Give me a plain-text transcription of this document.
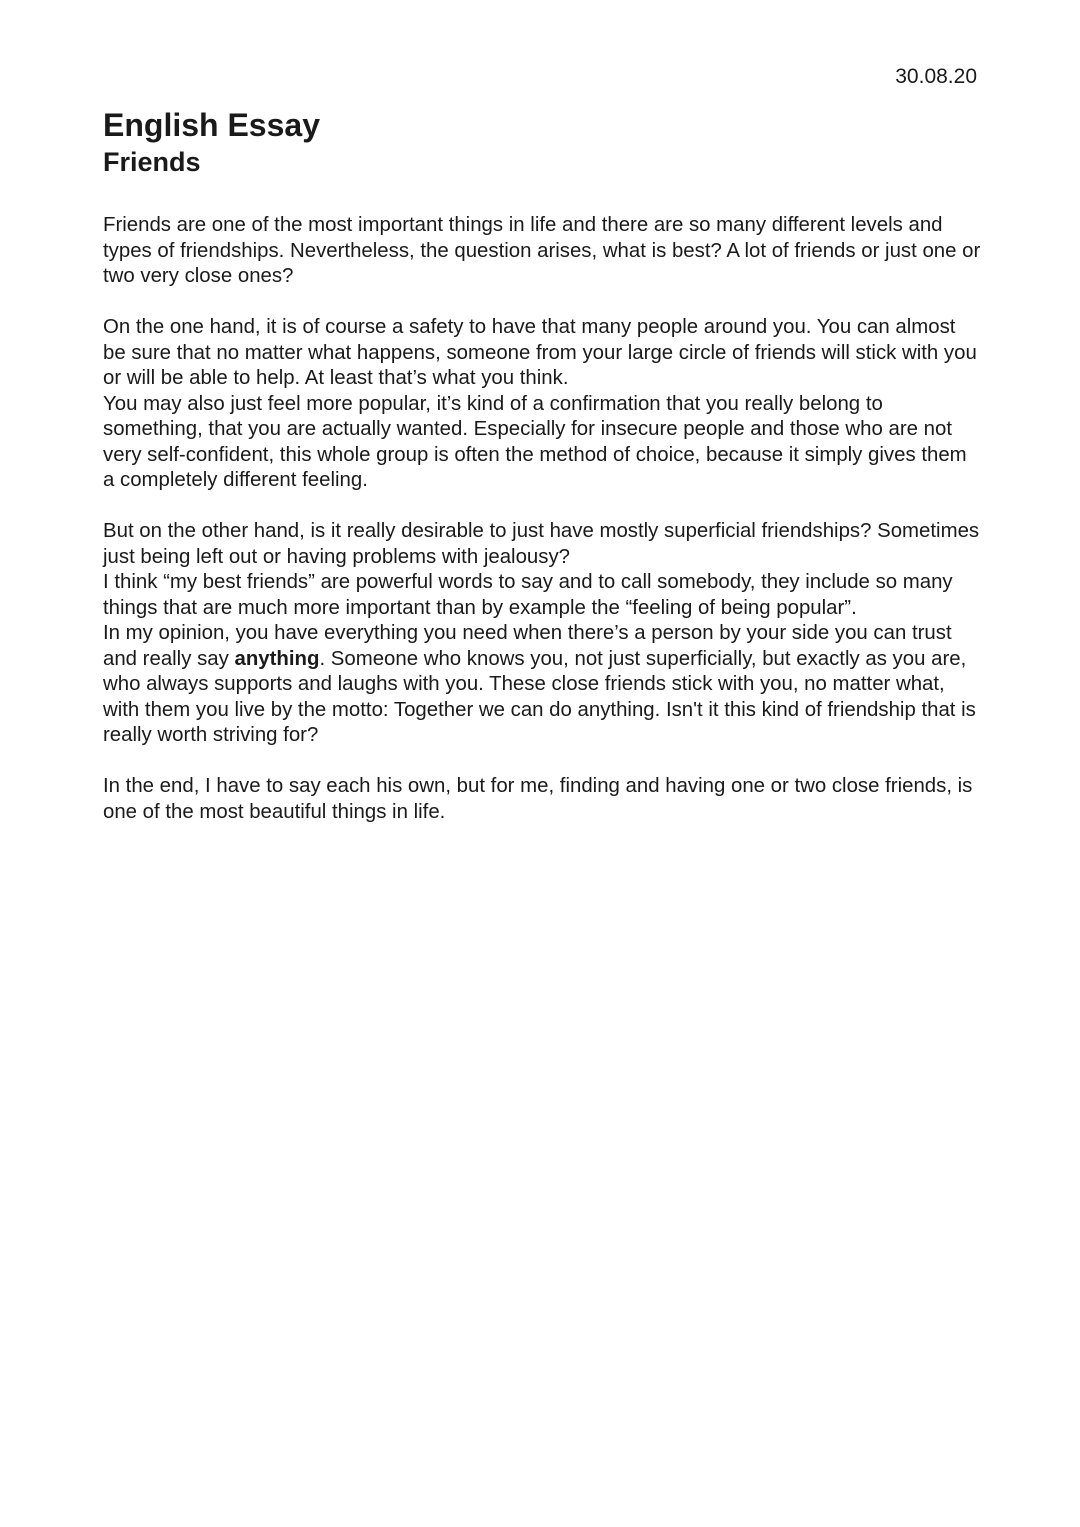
30.08.20
English Essay
Friends

Friends are one of the most important things in life and there are so many different levels and types of friendships. Nevertheless, the question arises, what is best? A lot of friends or just one or two very close ones?

On the one hand, it is of course a safety to have that many people around you. You can almost be sure that no matter what happens, someone from your large circle of friends will stick with you or will be able to help. At least that’s what you think.

You may also just feel more popular, it’s kind of a confirmation that you really belong to something, that you are actually wanted. Especially for insecure people and those who are not very self-confident, this whole group is often the method of choice, because it simply gives them a completely different feeling.

But on the other hand, is it really desirable to just have mostly superficial friendships? Sometimes just being left out or having problems with jealousy?

I think “my best friends” are powerful words to say and to call somebody, they include so many things that are much more important than by example the “feeling of being popular”.

In my opinion, you have everything you need when there’s a person by your side you can trust and really say anything. Someone who knows you, not just superficially, but exactly as you are, who always supports and laughs with you. These close friends stick with you, no matter what, with them you live by the motto: Together we can do anything. Isn't it this kind of friendship that is really worth striving for?

In the end, I have to say each his own, but for me, finding and having one or two close friends, is one of the most beautiful things in life.
